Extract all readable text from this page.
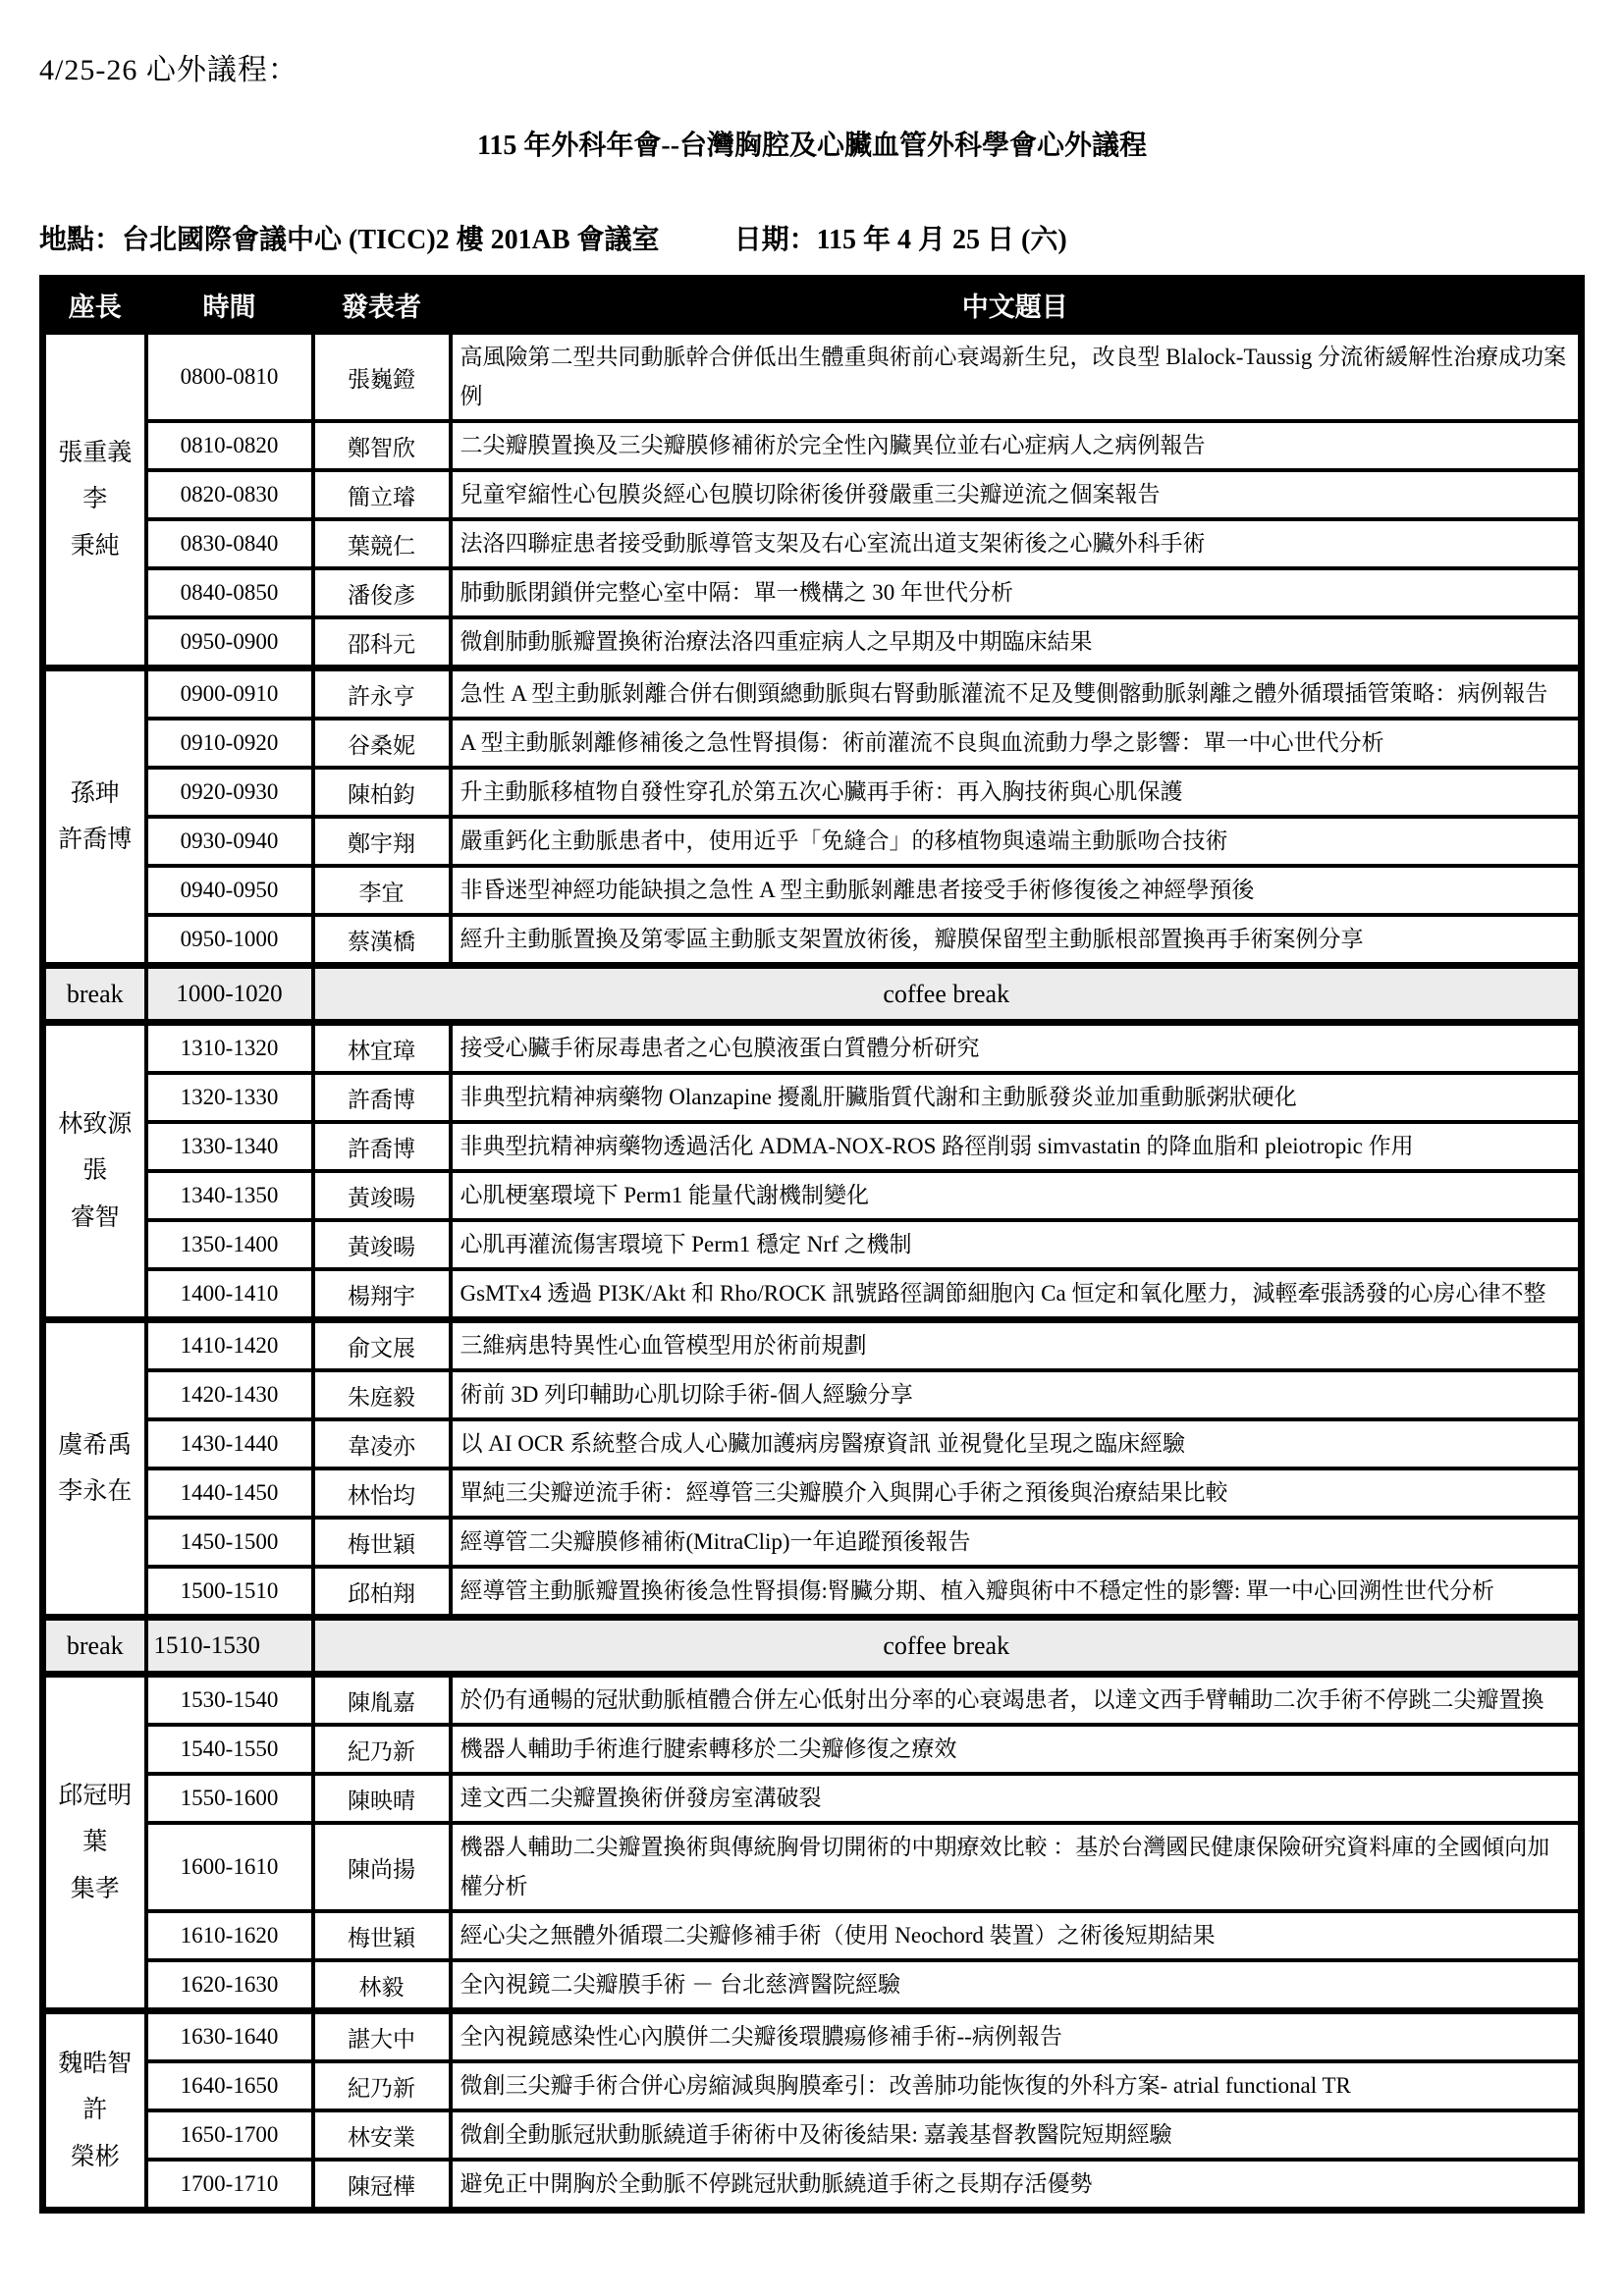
4/25-26 心外議程：
115 年外科年會--台灣胸腔及心臟血管外科學會心外議程
地點：台北國際會議中心 (TICC)2 樓 201AB 會議室	日期：115 年 4 月 25 日 (六)
座長	時間	發表者	中文題目

張重義李
秉純	0800-0810	張巍鐙	高風險第二型共同動脈幹合併低出生體重與術前心衰竭新生兒，改良型 Blalock-Taussig 分流術緩解性治療成功案例
	0810-0820	鄭智欣	二尖瓣膜置換及三尖瓣膜修補術於完全性內臟異位並右心症病人之病例報告
	0820-0830	簡立璿	兒童窄縮性心包膜炎經心包膜切除術後併發嚴重三尖瓣逆流之個案報告
	0830-0840	葉競仁	法洛四聯症患者接受動脈導管支架及右心室流出道支架術後之心臟外科手術
	0840-0850	潘俊彥	肺動脈閉鎖併完整心室中隔：單一機構之 30 年世代分析
	0950-0900	邵科元	微創肺動脈瓣置換術治療法洛四重症病人之早期及中期臨床結果

孫珅
許喬博	0900-0910	許永亨	急性 A 型主動脈剝離合併右側頸總動脈與右腎動脈灌流不足及雙側髂動脈剝離之體外循環插管策略：病例報告
	0910-0920	谷桑妮	A 型主動脈剝離修補後之急性腎損傷：術前灌流不良與血流動力學之影響：單一中心世代分析
	0920-0930	陳柏鈞	升主動脈移植物自發性穿孔於第五次心臟再手術：再入胸技術與心肌保護
	0930-0940	鄭宇翔	嚴重鈣化主動脈患者中，使用近乎「免縫合」的移植物與遠端主動脈吻合技術
	0940-0950	李宜	非昏迷型神經功能缺損之急性 A 型主動脈剝離患者接受手術修復後之神經學預後
	0950-1000	蔡漢橋	經升主動脈置換及第零區主動脈支架置放術後，瓣膜保留型主動脈根部置換再手術案例分享
break	1000-1020	coffee break	

林致源張
睿智	1310-1320	林宜璋	接受心臟手術尿毒患者之心包膜液蛋白質體分析研究
	1320-1330	許喬博	非典型抗精神病藥物 Olanzapine 擾亂肝臟脂質代謝和主動脈發炎並加重動脈粥狀硬化
	1330-1340	許喬博	非典型抗精神病藥物透過活化 ADMA-NOX-ROS 路徑削弱 simvastatin 的降血脂和 pleiotropic 作用
	1340-1350	黃竣暘	心肌梗塞環境下 Perm1 能量代謝機制變化
	1350-1400	黃竣暘	心肌再灌流傷害環境下 Perm1 穩定 Nrf 之機制
	1400-1410	楊翔宇	GsMTx4 透過 PI3K/Akt 和 Rho/ROCK 訊號路徑調節細胞內 Ca 恒定和氧化壓力，減輕牽張誘發的心房心律不整

虞希禹
李永在	1410-1420	俞文展	三維病患特異性心血管模型用於術前規劃
	1420-1430	朱庭毅	術前 3D 列印輔助心肌切除手術-個人經驗分享
	1430-1440	韋凌亦	以 AI OCR 系統整合成人心臟加護病房醫療資訊 並視覺化呈現之臨床經驗
	1440-1450	林怡均	單純三尖瓣逆流手術：經導管三尖瓣膜介入與開心手術之預後與治療結果比較
	1450-1500	梅世穎	經導管二尖瓣膜修補術(MitraClip)一年追蹤預後報告
	1500-1510	邱柏翔	經導管主動脈瓣置換術後急性腎損傷:腎臟分期、植入瓣與術中不穩定性的影響: 單一中心回溯性世代分析
break	1510-1530	coffee break	

邱冠明葉
集孝	1530-1540	陳胤嘉	於仍有通暢的冠狀動脈植體合併左心低射出分率的心衰竭患者，以達文西手臂輔助二次手術不停跳二尖瓣置換
	1540-1550	紀乃新	機器人輔助手術進行腱索轉移於二尖瓣修復之療效
	1550-1600	陳映晴	達文西二尖瓣置換術併發房室溝破裂
	1600-1610	陳尚揚	機器人輔助二尖瓣置換術與傳統胸骨切開術的中期療效比較 ：基於台灣國民健康保險研究資料庫的全國傾向加權分析
	1610-1620	梅世穎	經心尖之無體外循環二尖瓣修補手術（使用 Neochord 裝置）之術後短期結果
	1620-1630	林毅	全內視鏡二尖瓣膜手術 － 台北慈濟醫院經驗

魏晧智許
榮彬	1630-1640	諶大中	全內視鏡感染性心內膜併二尖瓣後環膿瘍修補手術--病例報告
	1640-1650	紀乃新	微創三尖瓣手術合併心房縮減與胸膜牽引：改善肺功能恢復的外科方案- atrial functional TR
	1650-1700	林安業	微創全動脈冠狀動脈繞道手術術中及術後結果: 嘉義基督教醫院短期經驗
	1700-1710	陳冠樺	避免正中開胸於全動脈不停跳冠狀動脈繞道手術之長期存活優勢
